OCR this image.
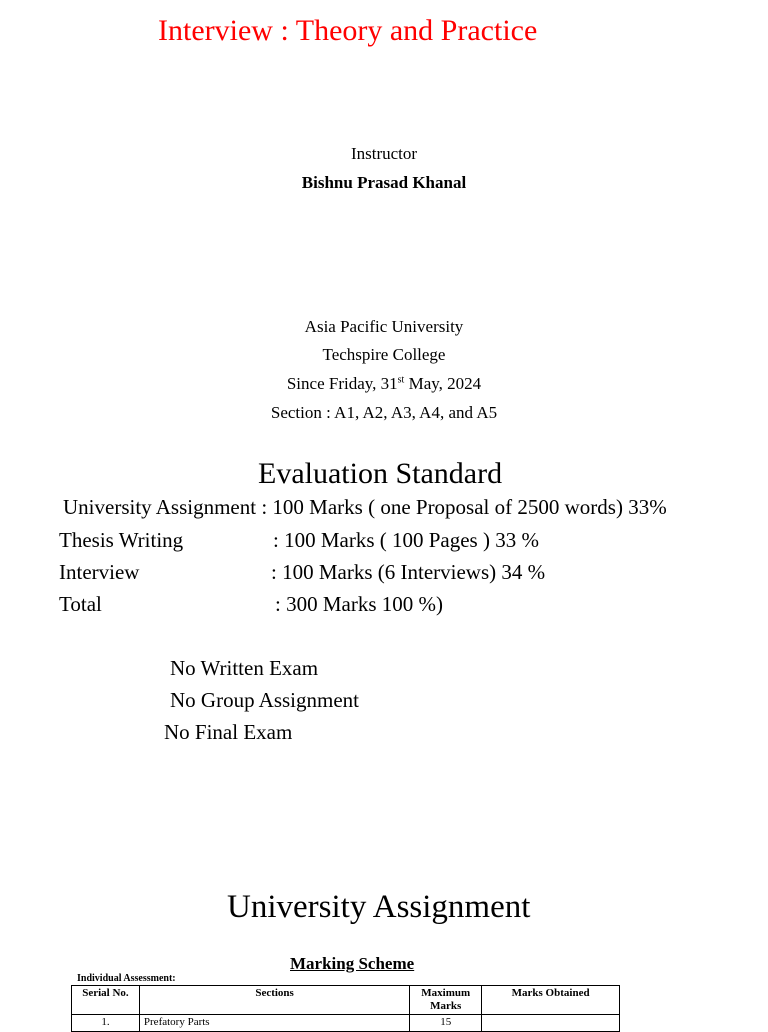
Interview : Theory and Practice
Instructor
Bishnu Prasad Khanal
Asia Pacific University
Techspire College
Since Friday, 31st May, 2024
Section : A1, A2, A3, A4, and A5
Evaluation Standard
University Assignment : 100 Marks ( one Proposal of 2500 words) 33%
Thesis Writing	: 100 Marks ( 100 Pages ) 33 %
Interview	: 100 Marks (6 Interviews) 34 %
Total	: 300 Marks 100 %)
No Written Exam
No Group Assignment
No Final Exam
University Assignment
Marking Scheme
Individual Assessment:
Serial No.	Sections	Maximum Marks	Marks Obtained
1.	Prefatory Parts	15	
